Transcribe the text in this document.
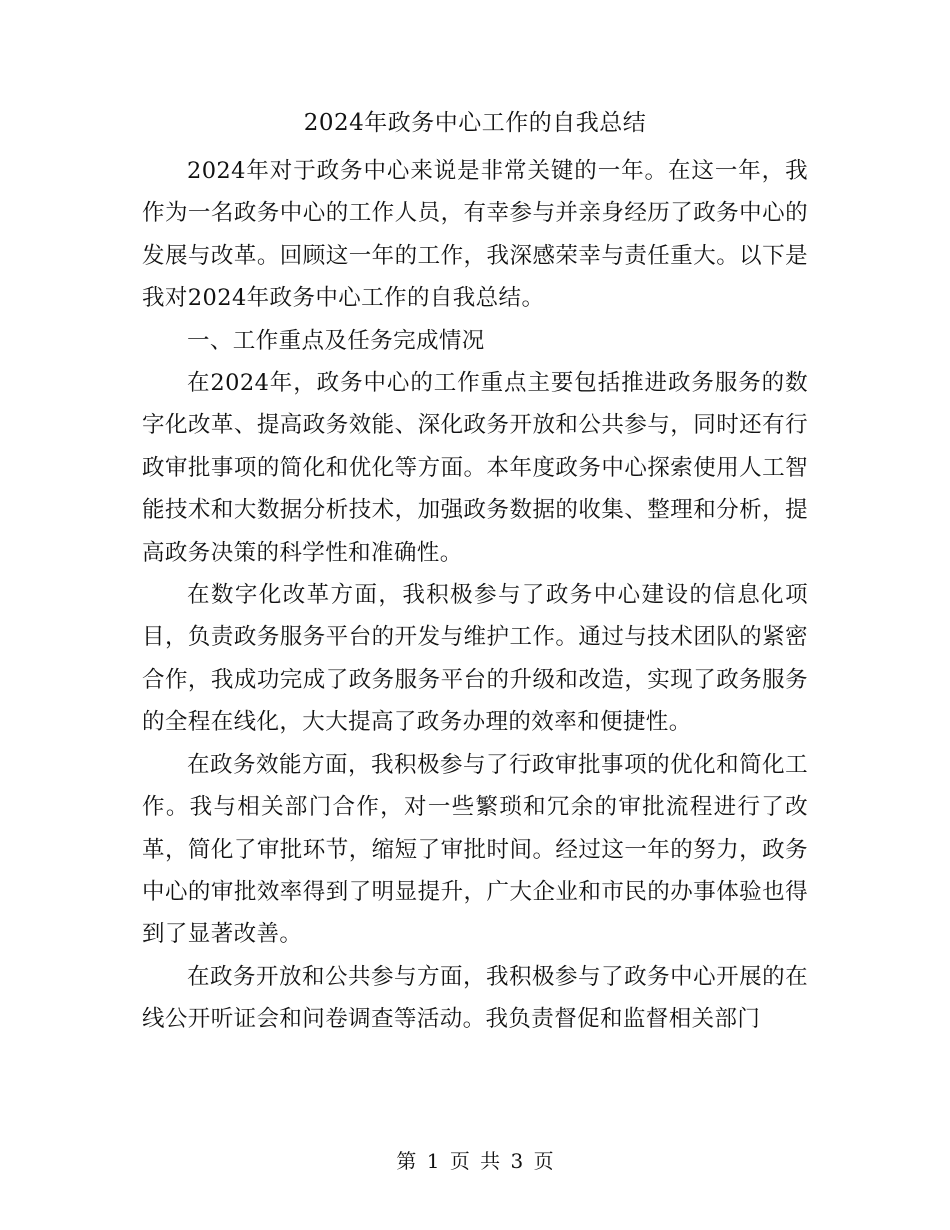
2024年政务中心工作的自我总结

2024年对于政务中心来说是非常关键的一年。在这一年，我作为一名政务中心的工作人员，有幸参与并亲身经历了政务中心的发展与改革。回顾这一年的工作，我深感荣幸与责任重大。以下是我对2024年政务中心工作的自我总结。

一、工作重点及任务完成情况

在2024年，政务中心的工作重点主要包括推进政务服务的数字化改革、提高政务效能、深化政务开放和公共参与，同时还有行政审批事项的简化和优化等方面。本年度政务中心探索使用人工智能技术和大数据分析技术，加强政务数据的收集、整理和分析，提高政务决策的科学性和准确性。

在数字化改革方面，我积极参与了政务中心建设的信息化项目，负责政务服务平台的开发与维护工作。通过与技术团队的紧密合作，我成功完成了政务服务平台的升级和改造，实现了政务服务的全程在线化，大大提高了政务办理的效率和便捷性。

在政务效能方面，我积极参与了行政审批事项的优化和简化工作。我与相关部门合作，对一些繁琐和冗余的审批流程进行了改革，简化了审批环节，缩短了审批时间。经过这一年的努力，政务中心的审批效率得到了明显提升，广大企业和市民的办事体验也得到了显著改善。

在政务开放和公共参与方面，我积极参与了政务中心开展的在线公开听证会和问卷调查等活动。我负责督促和监督相关部门

第 1 页 共 3 页
